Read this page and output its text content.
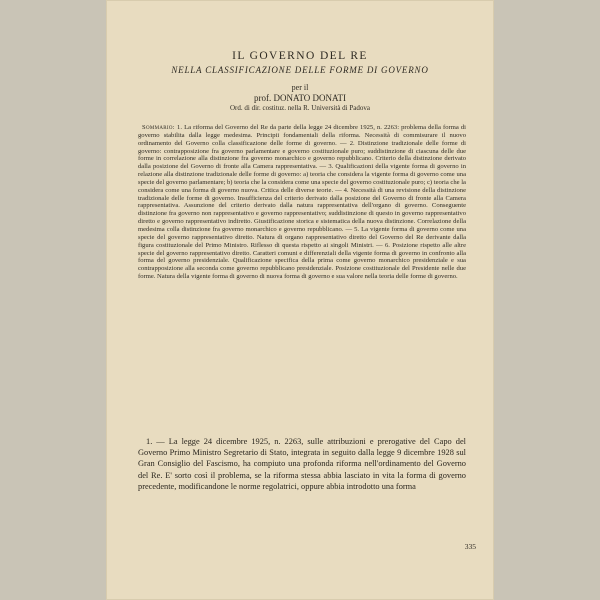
IL GOVERNO DEL RE

NELLA CLASSIFICAZIONE DELLE FORME DI GOVERNO

per il
prof. DONATO DONATI
Ord. di dir. costituz. nella R. Università di Padova
Sommario: 1. La riforma del Governo del Re da parte della legge 24 dicembre 1925, n. 2263: problema della forma di governo stabilita dalla legge medesima. Principii fondamentali della riforma. Necessità di commisurare il nuovo ordinamento del Governo colla classificazione delle forme di governo. — 2. Distinzione tradizionale delle forme di governo: contrapposizione fra governo parlamentare e governo costituzionale puro; suddistinzione di ciascuna delle due forme in correlazione alla distinzione fra governo monarchico e governo repubblicano. Criterio della distinzione derivato dalla posizione del Governo di fronte alla Camera rappresentativa. — 3. Qualificazioni della vigente forma di governo in relazione alla distinzione tradizionale delle forme di governo: a) teoria che considera la vigente forma di governo come una specie del governo parlamentare; b) teoria che la considera come una specie del governo costituzionale puro; c) teoria che la considera come una forma di governo nuova. Critica delle diverse teorie. — 4. Necessità di una revisione della distinzione tradizionale delle forme di governo. Insufficienza del criterio derivato dalla posizione del Governo di fronte alla Camera rappresentativa. Assunzione del criterio derivato dalla natura rappresentativa dell'organo di governo. Conseguente distinzione fra governo non rappresentativo e governo rappresentativo; suddistinzione di questo in governo rappresentativo diretto e governo rappresentativo indiretto. Giustificazione storica e sistematica della nuova distinzione. Correlazione della medesima colla distinzione fra governo monarchico e governo repubblicano. — 5. La vigente forma di governo come una specie del governo rappresentativo diretto. Natura di organo rappresentativo diretto del Governo del Re derivante dalla figura costituzionale del Primo Ministro. Riflesso di questa rispetto ai singoli Ministri. — 6. Posizione rispetto alle altre specie del governo rappresentativo diretto. Caratteri comuni e differenziali della vigente forma di governo in confronto alla forma del governo presidenziale. Qualificazione specifica della prima come governo monarchico presidenziale e sua contrapposizione alla seconda come governo repubblicano presidenziale. Posizione costituzionale del Presidente nelle due forme. Natura della vigente forma di governo di nuova forma di governo e sua valore nella teoria delle forme di governo.
1. — La legge 24 dicembre 1925, n. 2263, sulle attribuzioni e prerogative del Capo del Governo Primo Ministro Segretario di Stato, integrata in seguito dalla legge 9 dicembre 1928 sul Gran Consiglio del Fascismo, ha compiuto una profonda riforma nell'ordinamento del Governo del Re. E' sorto così il problema, se la riforma stessa abbia lasciato in vita la forma di governo precedente, modificandone le norme regolatrici, oppure abbia introdotto una forma
335
